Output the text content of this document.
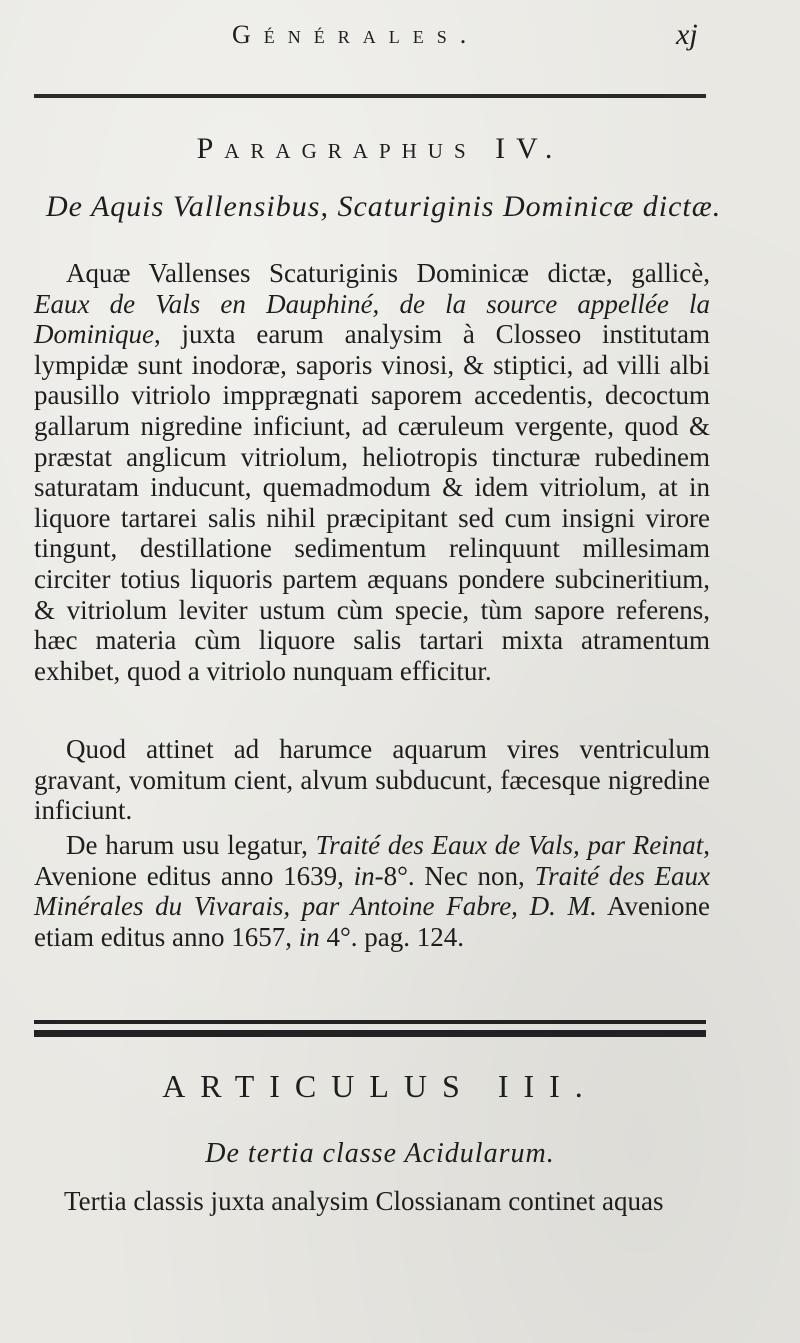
Générales.	xj
Paragraphus IV.
De Aquis Vallensibus, Scaturiginis Dominicæ dictæ.

Aquæ Vallenses Scaturiginis Dominicæ dictæ, gallicè, Eaux de Vals en Dauphiné, de la source appellée la Dominique, juxta earum analysim à Closseo institutam lympidæ sunt inodoræ, saporis vinosi, & stiptici, ad villi albi pausillo vitriolo impprægnati saporem accedentis, decoctum gallarum nigredine inficiunt, ad cæruleum vergente, quod & præstat anglicum vitriolum, heliotropis tincturæ rubedinem saturatam inducunt, quemadmodum & idem vitriolum, at in liquore tartarei salis nihil præcipitant sed cum insigni virore tingunt, destillatione sedimentum relinquunt millesimam circiter totius liquoris partem æquans pondere subcineritium, & vitriolum leviter ustum cùm specie, tùm sapore referens, hæc materia cùm liquore salis tartari mixta atramentum exhibet, quod a vitriolo nunquam efficitur.

Quod attinet ad harumce aquarum vires ventriculum gravant, vomitum cient, alvum subducunt, fæcesque nigredine inficiunt.

De harum usu legatur, Traité des Eaux de Vals, par Reinat, Avenione editus anno 1639, in-8°. Nec non, Traité des Eaux Minérales du Vivarais, par Antoine Fabre, D. M. Avenione etiam editus anno 1657, in 4°. pag. 124.

ARTICULUS III.
De tertia classe Acidularum.

Tertia classis juxta analysim Clossianam continet aquas
